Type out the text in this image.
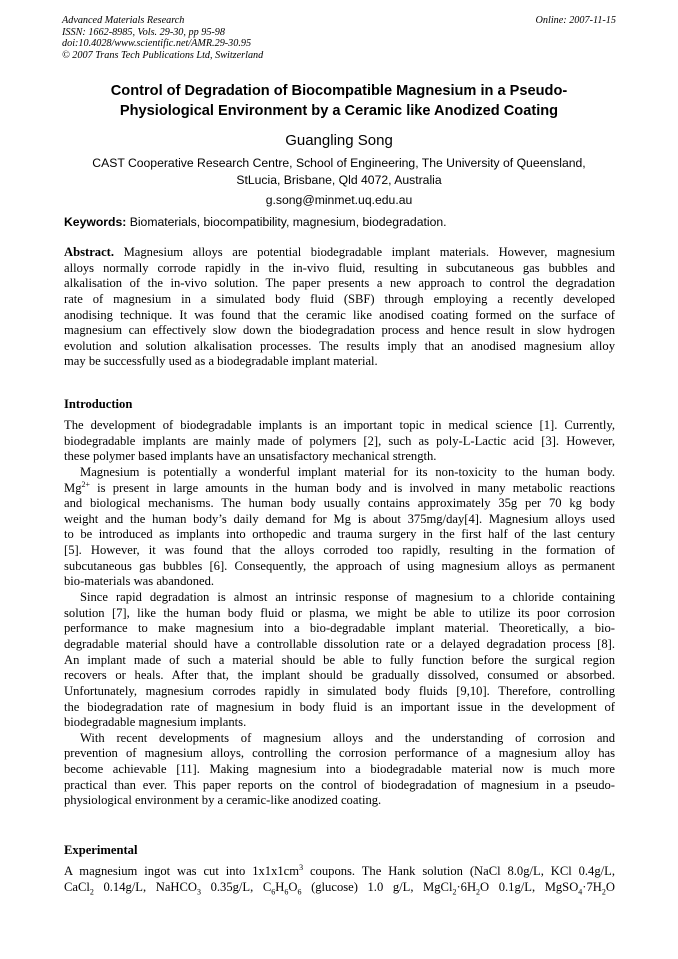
Advanced Materials Research
ISSN: 1662-8985, Vols. 29-30, pp 95-98
doi:10.4028/www.scientific.net/AMR.29-30.95
© 2007 Trans Tech Publications Ltd, Switzerland
Online: 2007-11-15
Control of Degradation of Biocompatible Magnesium in a Pseudo-
Physiological Environment by a Ceramic like Anodized Coating
Guangling Song
CAST Cooperative Research Centre, School of Engineering, The University of Queensland,
StLucia, Brisbane, Qld 4072, Australia
g.song@minmet.uq.edu.au
Keywords: Biomaterials, biocompatibility, magnesium, biodegradation.
Abstract. Magnesium alloys are potential biodegradable implant materials. However, magnesium
alloys normally corrode rapidly in the in-vivo fluid, resulting in subcutaneous gas bubbles and
alkalisation of the in-vivo solution. The paper presents a new approach to control the degradation
rate of magnesium in a simulated body fluid (SBF) through employing a recently developed
anodising technique. It was found that the ceramic like anodised coating formed on the surface of
magnesium can effectively slow down the biodegradation process and hence result in slow hydrogen
evolution and solution alkalisation processes. The results imply that an anodised magnesium alloy
may be successfully used as a biodegradable implant material.
Introduction
The development of biodegradable implants is an important topic in medical science [1]. Currently,
biodegradable implants are mainly made of polymers [2], such as poly-L-Lactic acid [3]. However,
these polymer based implants have an unsatisfactory mechanical strength.
Magnesium is potentially a wonderful implant material for its non-toxicity to the human body.
$Mg^{2+}$ is present in large amounts in the human body and is involved in many metabolic reactions
and biological mechanisms. The human body usually contains approximately 35g per 70 kg body
weight and the human body’s daily demand for Mg is about 375mg/day[4]. Magnesium alloys used
to be introduced as implants into orthopedic and trauma surgery in the first half of the last century
[5]. However, it was found that the alloys corroded too rapidly, resulting in the formation of
subcutaneous gas bubbles [6]. Consequently, the approach of using magnesium alloys as permanent
bio-materials was abandoned.
Since rapid degradation is almost an intrinsic response of magnesium to a chloride containing
solution [7], like the human body fluid or plasma, we might be able to utilize its poor corrosion
performance to make magnesium into a bio-degradable implant material. Theoretically, a bio-
degradable material should have a controllable dissolution rate or a delayed degradation process [8].
An implant made of such a material should be able to fully function before the surgical region
recovers or heals. After that, the implant should be gradually dissolved, consumed or absorbed.
Unfortunately, magnesium corrodes rapidly in simulated body fluids [9,10]. Therefore, controlling
the biodegradation rate of magnesium in body fluid is an important issue in the development of
biodegradable magnesium implants.
With recent developments of magnesium alloys and the understanding of corrosion and
prevention of magnesium alloys, controlling the corrosion performance of a magnesium alloy has
become achievable [11]. Making magnesium into a biodegradable material now is much more
practical than ever. This paper reports on the control of biodegradation of magnesium in a pseudo-
physiological environment by a ceramic-like anodized coating.
Experimental
A magnesium ingot was cut into $1x1x1cm^3$ coupons. The Hank solution (NaCl 8.0g/L, KCl 0.4g/L,
CaCl$_2$ 0.14g/L, NaHCO$_3$ 0.35g/L, $C_6H_6O_6$ (glucose) 1.0 g/L, $MgCl_2\cdot 6H_2O$ 0.1g/L, $MgSO_4\cdot 7H_2O$
